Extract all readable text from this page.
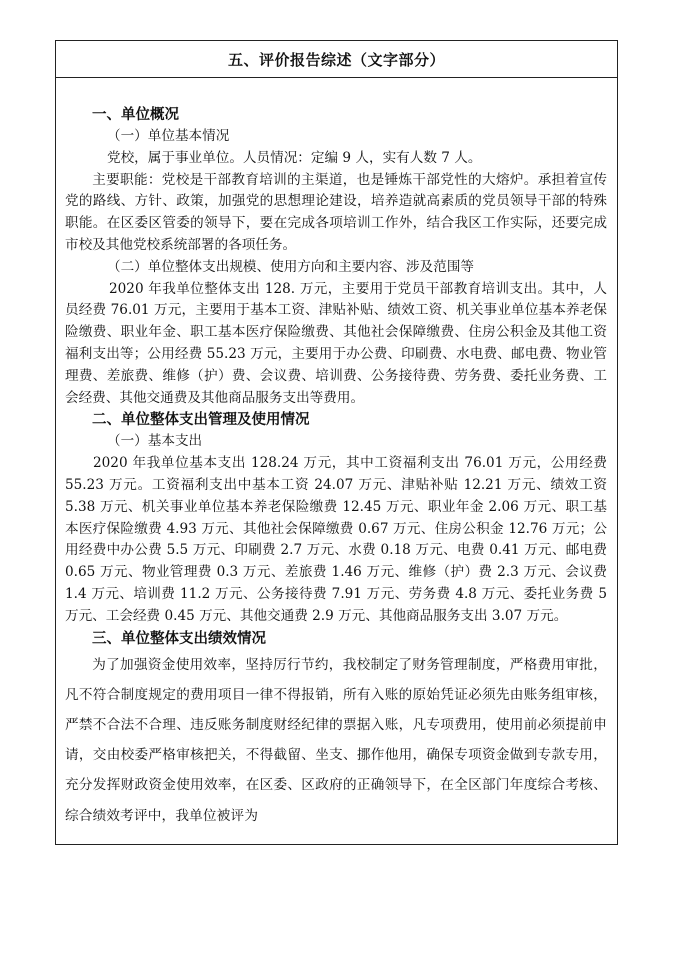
五、评价报告综述（文字部分）

一、单位概况

（一）单位基本情况

党校，属于事业单位。人员情况：定编 9 人，实有人数 7 人。

主要职能：党校是干部教育培训的主渠道，也是锤炼干部党性的大熔炉。承担着宣传党的路线、方针、政策，加强党的思想理论建设，培养造就高素质的党员领导干部的特殊职能。在区委区管委的领导下，要在完成各项培训工作外，结合我区工作实际，还要完成市校及其他党校系统部署的各项任务。

（二）单位整体支出规模、使用方向和主要内容、涉及范围等

2020 年我单位整体支出 128. 万元，主要用于党员干部教育培训支出。其中，人员经费 76.01 万元，主要用于基本工资、津贴补贴、绩效工资、机关事业单位基本养老保险缴费、职业年金、职工基本医疗保险缴费、其他社会保障缴费、住房公积金及其他工资福利支出等；公用经费 55.23 万元，主要用于办公费、印刷费、水电费、邮电费、物业管理费、差旅费、维修（护）费、会议费、培训费、公务接待费、劳务费、委托业务费、工会经费、其他交通费及其他商品服务支出等费用。

二、单位整体支出管理及使用情况

（一）基本支出

2020 年我单位基本支出 128.24 万元，其中工资福利支出 76.01 万元，公用经费 55.23 万元。工资福利支出中基本工资 24.07 万元、津贴补贴 12.21 万元、绩效工资 5.38 万元、机关事业单位基本养老保险缴费 12.45 万元、职业年金 2.06 万元、职工基本医疗保险缴费 4.93 万元、其他社会保障缴费 0.67 万元、住房公积金 12.76 万元；公用经费中办公费 5.5 万元、印刷费 2.7 万元、水费 0.18 万元、电费 0.41 万元、邮电费 0.65 万元、物业管理费 0.3 万元、差旅费 1.46 万元、维修（护）费 2.3 万元、会议费 1.4 万元、培训费 11.2 万元、公务接待费 7.91 万元、劳务费 4.8 万元、委托业务费 5 万元、工会经费 0.45 万元、其他交通费 2.9 万元、其他商品服务支出 3.07 万元。

三、单位整体支出绩效情况

为了加强资金使用效率，坚持厉行节约，我校制定了财务管理制度，严格费用审批，凡不符合制度规定的费用项目一律不得报销，所有入账的原始凭证必须先由账务组审核，严禁不合法不合理、违反账务制度财经纪律的票据入账，凡专项费用，使用前必须提前申请，交由校委严格审核把关，不得截留、坐支、挪作他用，确保专项资金做到专款专用，充分发挥财政资金使用效率，在区委、区政府的正确领导下，在全区部门年度综合考核、综合绩效考评中，我单位被评为
